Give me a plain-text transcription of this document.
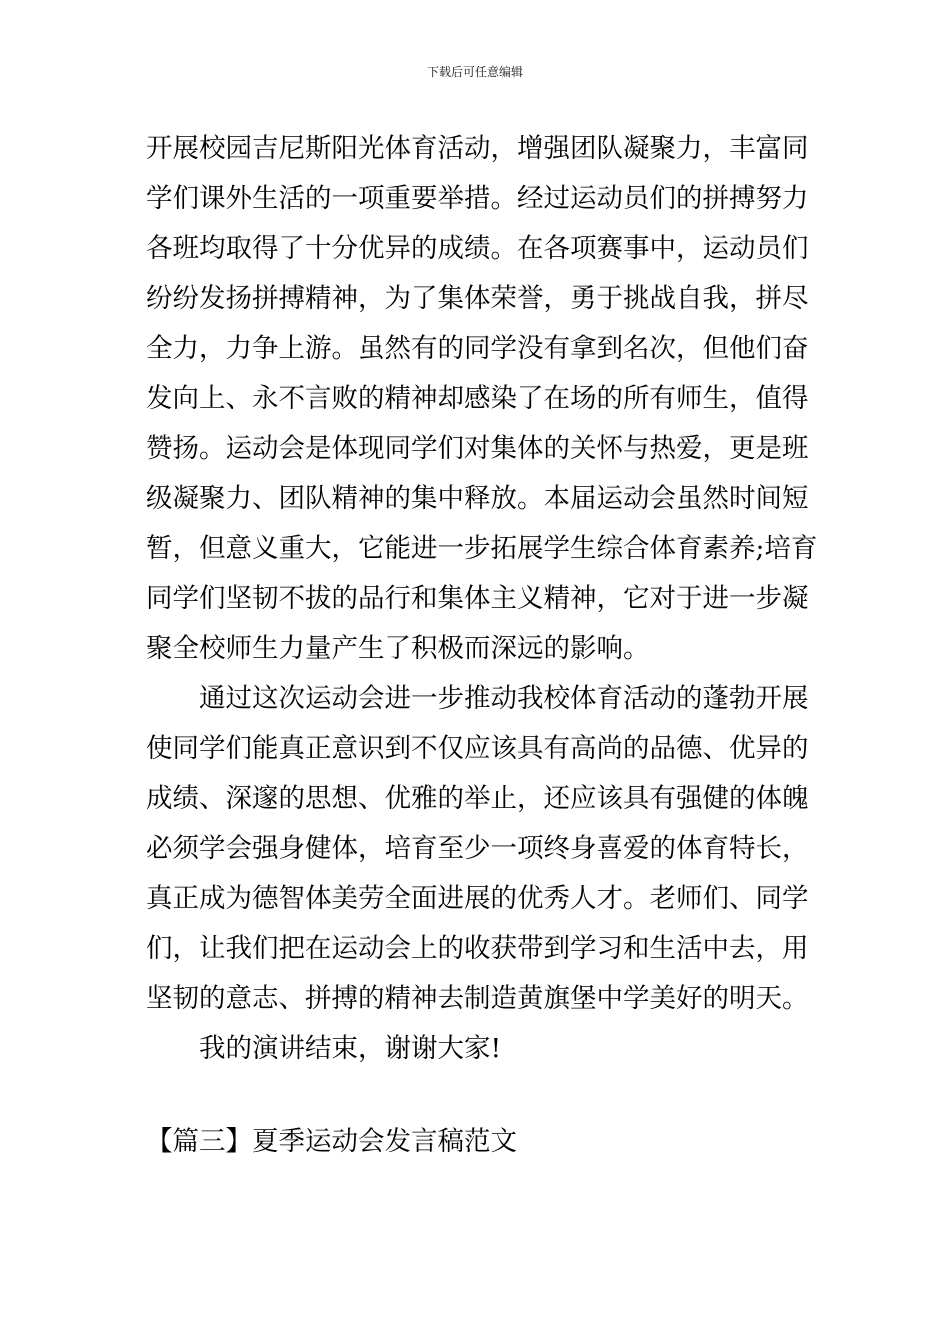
下载后可任意编辑
开展校园吉尼斯阳光体育活动，增强团队凝聚力，丰富同
学们课外生活的一项重要举措。经过运动员们的拼搏努力
各班均取得了十分优异的成绩。在各项赛事中，运动员们
纷纷发扬拼搏精神，为了集体荣誉，勇于挑战自我，拼尽
全力，力争上游。虽然有的同学没有拿到名次，但他们奋
发向上、永不言败的精神却感染了在场的所有师生，值得
赞扬。运动会是体现同学们对集体的关怀与热爱，更是班
级凝聚力、团队精神的集中释放。本届运动会虽然时间短
暂，但意义重大，它能进一步拓展学生综合体育素养;培育
同学们坚韧不拔的品行和集体主义精神，它对于进一步凝
聚全校师生力量产生了积极而深远的影响。
通过这次运动会进一步推动我校体育活动的蓬勃开展
使同学们能真正意识到不仅应该具有高尚的品德、优异的
成绩、深邃的思想、优雅的举止，还应该具有强健的体魄
必须学会强身健体，培育至少一项终身喜爱的体育特长，
真正成为德智体美劳全面进展的优秀人才。老师们、同学
们，让我们把在运动会上的收获带到学习和生活中去，用
坚韧的意志、拼搏的精神去制造黄旗堡中学美好的明天。
我的演讲结束，谢谢大家!
【篇三】夏季运动会发言稿范文
